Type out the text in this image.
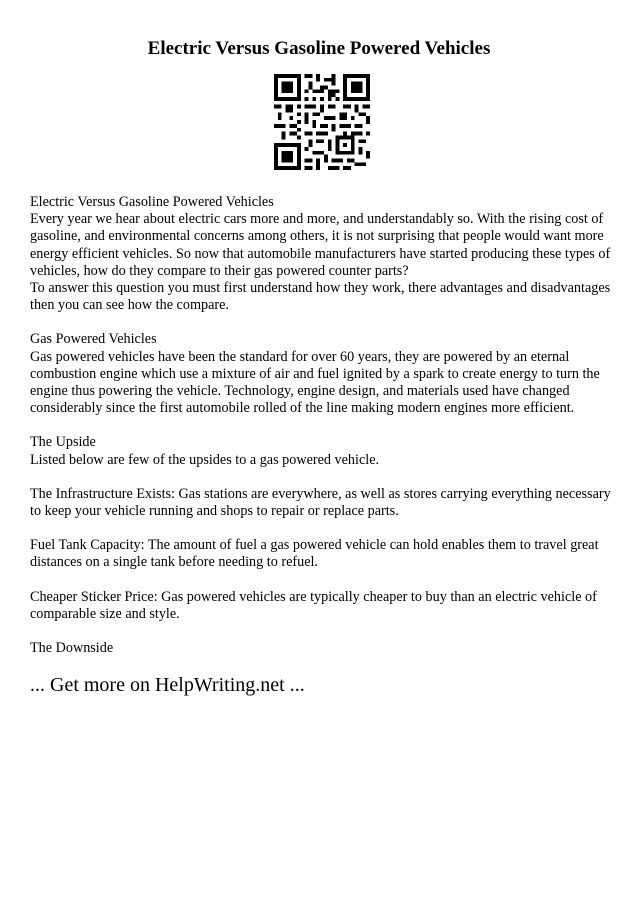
Electric Versus Gasoline Powered Vehicles

Electric Versus Gasoline Powered Vehicles
Every year we hear about electric cars more and more, and understandably so. With the rising cost of gasoline, and environmental concerns among others, it is not surprising that people would want more energy efficient vehicles. So now that automobile manufacturers have started producing these types of vehicles, how do they compare to their gas powered counter parts?
To answer this question you must first understand how they work, there advantages and disadvantages then you can see how the compare.

Gas Powered Vehicles
Gas powered vehicles have been the standard for over 60 years, they are powered by an eternal combustion engine which use a mixture of air and fuel ignited by a spark to create energy to turn the engine thus powering the vehicle. Technology, engine design, and materials used have changed considerably since the first automobile rolled of the line making modern engines more efficient.

The Upside
Listed below are few of the upsides to a gas powered vehicle.

The Infrastructure Exists: Gas stations are everywhere, as well as stores carrying everything necessary to keep your vehicle running and shops to repair or replace parts.

Fuel Tank Capacity: The amount of fuel a gas powered vehicle can hold enables them to travel great distances on a single tank before needing to refuel.

Cheaper Sticker Price: Gas powered vehicles are typically cheaper to buy than an electric vehicle of comparable size and style.

The Downside

... Get more on HelpWriting.net ...
